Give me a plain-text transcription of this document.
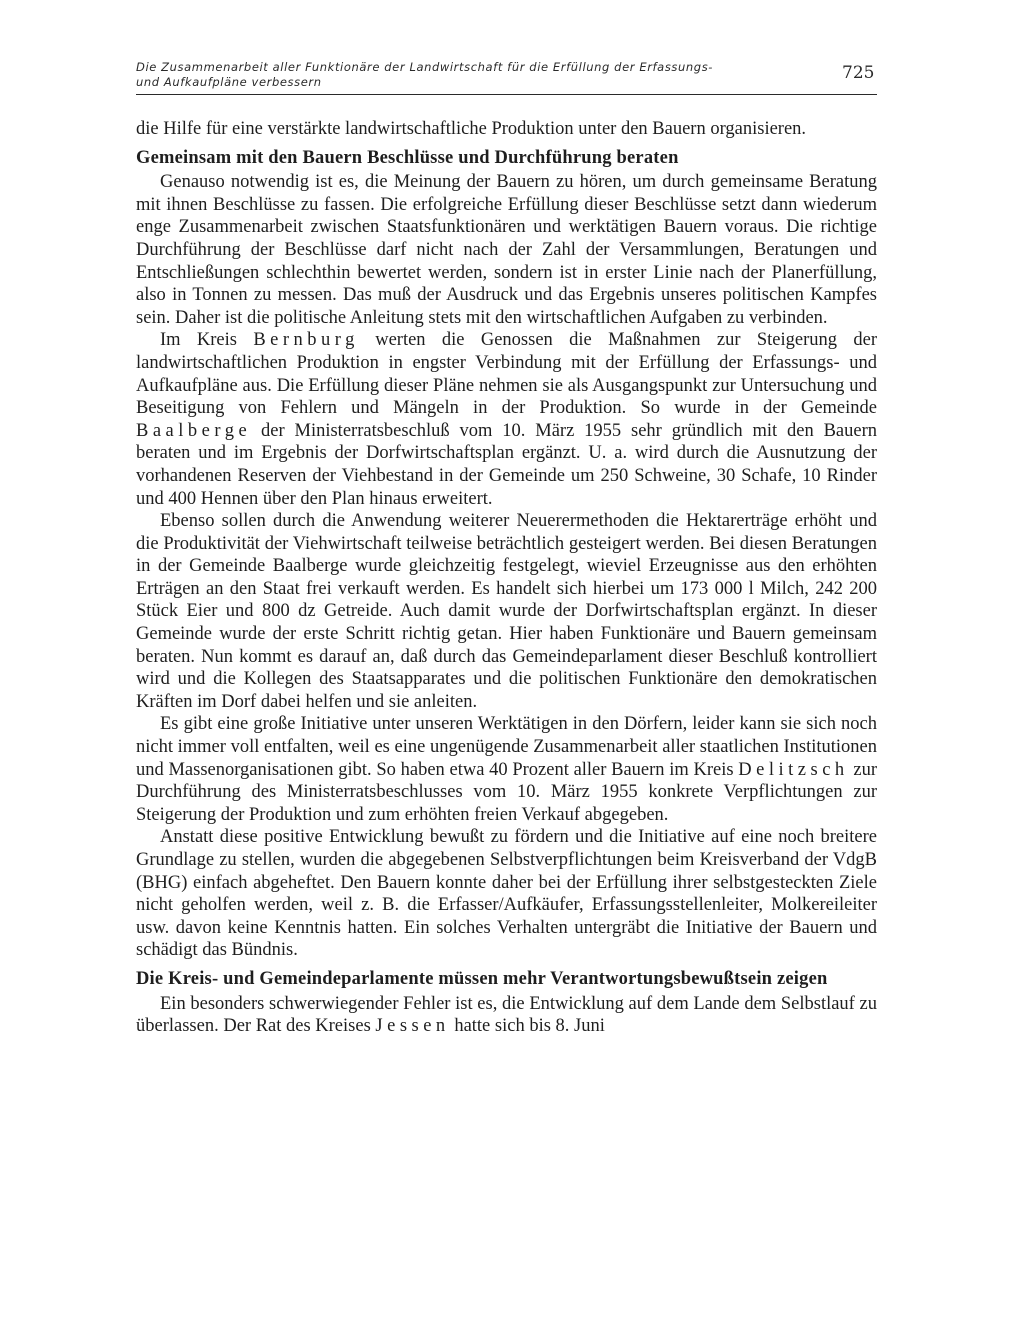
Die Zusammenarbeit aller Funktionäre der Landwirtschaft für die Erfüllung der Erfassungs-
und Aufkaufpläne verbessern	725

die Hilfe für eine verstärkte landwirtschaftliche Produktion unter den Bauern organisieren.

Gemeinsam mit den Bauern Beschlüsse und Durchführung beraten

Genauso notwendig ist es, die Meinung der Bauern zu hören, um durch gemeinsame Beratung mit ihnen Beschlüsse zu fassen. Die erfolgreiche Erfüllung dieser Beschlüsse setzt dann wiederum enge Zusammenarbeit zwischen Staatsfunktionären und werktätigen Bauern voraus. Die richtige Durchführung der Beschlüsse darf nicht nach der Zahl der Versammlungen, Beratungen und Entschließungen schlechthin bewertet werden, sondern ist in erster Linie nach der Planerfüllung, also in Tonnen zu messen. Das muß der Ausdruck und das Ergebnis unseres politischen Kampfes sein. Daher ist die politische Anleitung stets mit den wirtschaftlichen Aufgaben zu verbinden.

Im Kreis Bernburg werten die Genossen die Maßnahmen zur Steigerung der landwirtschaftlichen Produktion in engster Verbindung mit der Erfüllung der Erfassungs- und Aufkaufpläne aus. Die Erfüllung dieser Pläne nehmen sie als Ausgangspunkt zur Untersuchung und Beseitigung von Fehlern und Mängeln in der Produktion. So wurde in der Gemeinde Baalberge der Ministerratsbeschluß vom 10. März 1955 sehr gründlich mit den Bauern beraten und im Ergebnis der Dorfwirtschaftsplan ergänzt. U. a. wird durch die Ausnutzung der vorhandenen Reserven der Viehbestand in der Gemeinde um 250 Schweine, 30 Schafe, 10 Rinder und 400 Hennen über den Plan hinaus erweitert.

Ebenso sollen durch die Anwendung weiterer Neuerermethoden die Hektarerträge erhöht und die Produktivität der Viehwirtschaft teilweise beträchtlich gesteigert werden. Bei diesen Beratungen in der Gemeinde Baalberge wurde gleichzeitig festgelegt, wieviel Erzeugnisse aus den erhöhten Erträgen an den Staat frei verkauft werden. Es handelt sich hierbei um 173 000 l Milch, 242 200 Stück Eier und 800 dz Getreide. Auch damit wurde der Dorfwirtschaftsplan ergänzt. In dieser Gemeinde wurde der erste Schritt richtig getan. Hier haben Funktionäre und Bauern gemeinsam beraten. Nun kommt es darauf an, daß durch das Gemeindeparlament dieser Beschluß kontrolliert wird und die Kollegen des Staatsapparates und die politischen Funktionäre den demokratischen Kräften im Dorf dabei helfen und sie anleiten.

Es gibt eine große Initiative unter unseren Werktätigen in den Dörfern, leider kann sie sich noch nicht immer voll entfalten, weil es eine ungenügende Zusammenarbeit aller staatlichen Institutionen und Massenorganisationen gibt. So haben etwa 40 Prozent aller Bauern im Kreis Delitzsch zur Durchführung des Ministerratsbeschlusses vom 10. März 1955 konkrete Verpflichtungen zur Steigerung der Produktion und zum erhöhten freien Verkauf abgegeben.

Anstatt diese positive Entwicklung bewußt zu fördern und die Initiative auf eine noch breitere Grundlage zu stellen, wurden die abgegebenen Selbstverpflichtungen beim Kreisverband der VdgB (BHG) einfach abgeheftet. Den Bauern konnte daher bei der Erfüllung ihrer selbstgesteckten Ziele nicht geholfen werden, weil z. B. die Erfasser/Aufkäufer, Erfassungsstellenleiter, Molkereileiter usw. davon keine Kenntnis hatten. Ein solches Verhalten untergräbt die Initiative der Bauern und schädigt das Bündnis.

Die Kreis- und Gemeindeparlamente müssen mehr Verantwortungsbewußtsein zeigen

Ein besonders schwerwiegender Fehler ist es, die Entwicklung auf dem Lande dem Selbstlauf zu überlassen. Der Rat des Kreises Jessen hatte sich bis 8. Juni
